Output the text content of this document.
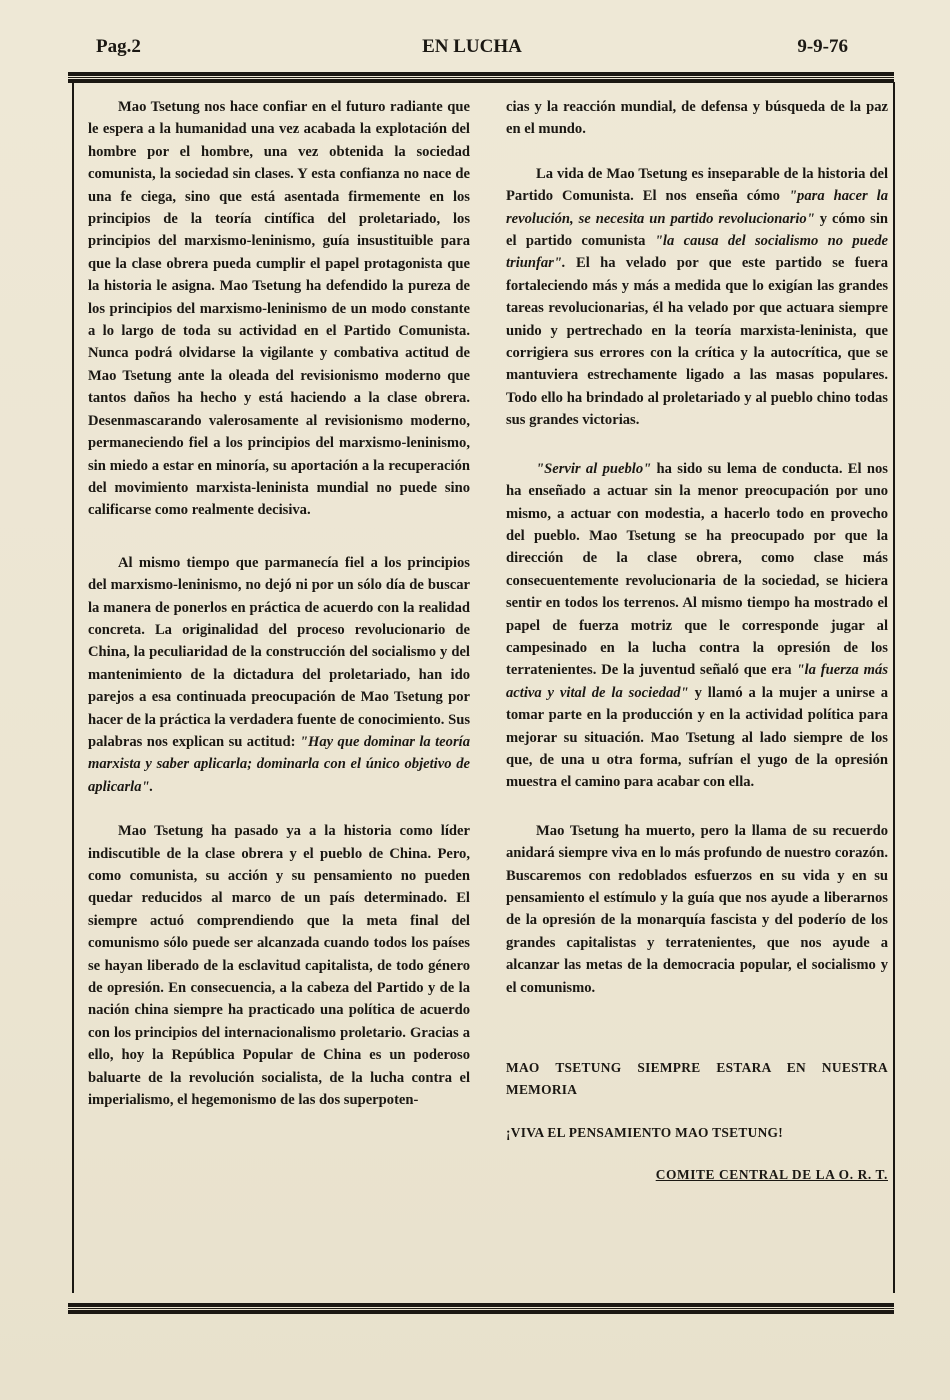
Pag.2	EN LUCHA	9-9-76

Mao Tsetung nos hace confiar en el futuro radiante que le espera a la humanidad una vez acabada la explotación del hombre por el hombre, una vez obtenida la sociedad comunista, la sociedad sin clases. Y esta confianza no nace de una fe ciega, sino que está asentada firmemente en los principios de la teoría cintífica del proletariado, los principios del marxismo-leninismo, guía insustituible para que la clase obrera pueda cumplir el papel protagonista que la historia le asigna. Mao Tsetung ha defendido la pureza de los principios del marxismo-leninismo de un modo constante a lo largo de toda su actividad en el Partido Comunista. Nunca podrá olvidarse la vigilante y combativa actitud de Mao Tsetung ante la oleada del revisionismo moderno que tantos daños ha hecho y está haciendo a la clase obrera. Desenmascarando valerosamente al revisionismo moderno, permaneciendo fiel a los principios del marxismo-leninismo, sin miedo a estar en minoría, su aportación a la recuperación del movimiento marxista-leninista mundial no puede sino calificarse como realmente decisiva.

Al mismo tiempo que parmanecía fiel a los principios del marxismo-leninismo, no dejó ni por un sólo día de buscar la manera de ponerlos en práctica de acuerdo con la realidad concreta. La originalidad del proceso revolucionario de China, la peculiaridad de la construcción del socialismo y del mantenimiento de la dictadura del proletariado, han ido parejos a esa continuada preocupación de Mao Tsetung por hacer de la práctica la verdadera fuente de conocimiento. Sus palabras nos explican su actitud: "Hay que dominar la teoría marxista y saber aplicarla; dominarla con el único objetivo de aplicarla".

Mao Tsetung ha pasado ya a la historia como líder indiscutible de la clase obrera y el pueblo de China. Pero, como comunista, su acción y su pensamiento no pueden quedar reducidos al marco de un país determinado. El siempre actuó comprendiendo que la meta final del comunismo sólo puede ser alcanzada cuando todos los países se hayan liberado de la esclavitud capitalista, de todo género de opresión. En consecuencia, a la cabeza del Partido y de la nación china siempre ha practicado una política de acuerdo con los principios del internacionalismo proletario. Gracias a ello, hoy la República Popular de China es un poderoso baluarte de la revolución socialista, de la lucha contra el imperialismo, el hegemonismo de las dos superpoten-

cias y la reacción mundial, de defensa y búsqueda de la paz en el mundo.

La vida de Mao Tsetung es inseparable de la historia del Partido Comunista. El nos enseña cómo "para hacer la revolución, se necesita un partido revolucionario" y cómo sin el partido comunista "la causa del socialismo no puede triunfar". El ha velado por que este partido se fuera fortaleciendo más y más a medida que lo exigían las grandes tareas revolucionarias, él ha velado por que actuara siempre unido y pertrechado en la teoría marxista-leninista, que corrigiera sus errores con la crítica y la autocrítica, que se mantuviera estrechamente ligado a las masas populares. Todo ello ha brindado al proletariado y al pueblo chino todas sus grandes victorias.

"Servir al pueblo" ha sido su lema de conducta. El nos ha enseñado a actuar sin la menor preocupación por uno mismo, a actuar con modestia, a hacerlo todo en provecho del pueblo. Mao Tsetung se ha preocupado por que la dirección de la clase obrera, como clase más consecuentemente revolucionaria de la sociedad, se hiciera sentir en todos los terrenos. Al mismo tiempo ha mostrado el papel de fuerza motriz que le corresponde jugar al campesinado en la lucha contra la opresión de los terratenientes. De la juventud señaló que era "la fuerza más activa y vital de la sociedad" y llamó a la mujer a unirse a tomar parte en la producción y en la actividad política para mejorar su situación. Mao Tsetung al lado siempre de los que, de una u otra forma, sufrían el yugo de la opresión muestra el camino para acabar con ella.

Mao Tsetung ha muerto, pero la llama de su recuerdo anidará siempre viva en lo más profundo de nuestro corazón. Buscaremos con redoblados esfuerzos en su vida y en su pensamiento el estímulo y la guía que nos ayude a liberarnos de la opresión de la monarquía fascista y del poderío de los grandes capitalistas y terratenientes, que nos ayude a alcanzar las metas de la democracia popular, el socialismo y el comunismo.

MAO TSETUNG SIEMPRE ESTARA EN NUESTRA MEMORIA

¡VIVA EL PENSAMIENTO MAO TSETUNG!

COMITE CENTRAL DE LA O. R. T.
